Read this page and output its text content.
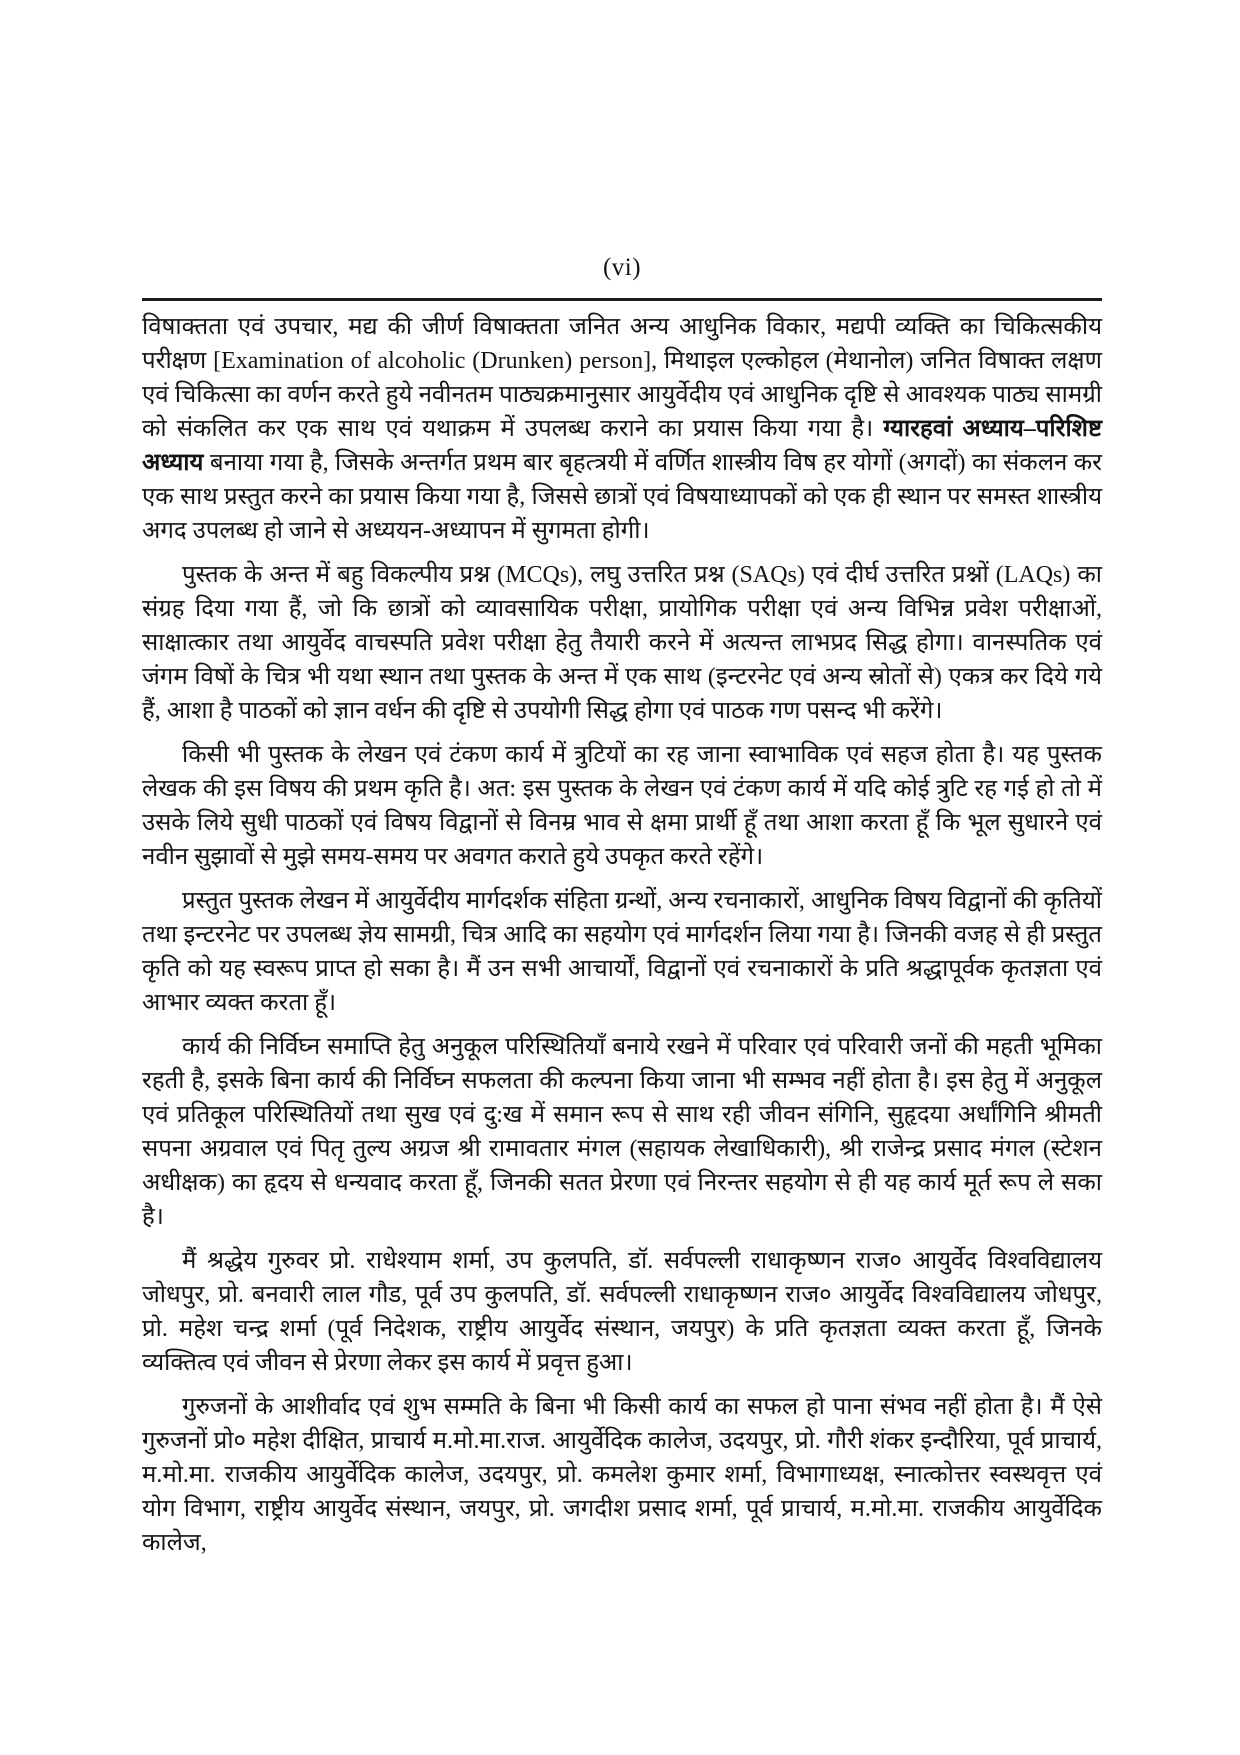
(vi)

विषाक्तता एवं उपचार, मद्य की जीर्ण विषाक्तता जनित अन्य आधुनिक विकार, मद्यपी व्यक्ति का चिकित्सकीय परीक्षण [Examination of alcoholic (Drunken) person], मिथाइल एल्कोहल (मेथानोल) जनित विषाक्त लक्षण एवं चिकित्सा का वर्णन करते हुये नवीनतम पाठ्यक्रमानुसार आयुर्वेदीय एवं आधुनिक दृष्टि से आवश्यक पाठ्य सामग्री को संकलित कर एक साथ एवं यथाक्रम में उपलब्ध कराने का प्रयास किया गया है। ग्यारहवां अध्याय–परिशिष्ट अध्याय बनाया गया है, जिसके अन्तर्गत प्रथम बार बृहत्त्रयी में वर्णित शास्त्रीय विष हर योगों (अगदों) का संकलन कर एक साथ प्रस्तुत करने का प्रयास किया गया है, जिससे छात्रों एवं विषयाध्यापकों को एक ही स्थान पर समस्त शास्त्रीय अगद उपलब्ध हो जाने से अध्ययन-अध्यापन में सुगमता होगी।

पुस्तक के अन्त में बहु विकल्पीय प्रश्न (MCQs), लघु उत्तरित प्रश्न (SAQs) एवं दीर्घ उत्तरित प्रश्नों (LAQs) का संग्रह दिया गया हैं, जो कि छात्रों को व्यावसायिक परीक्षा, प्रायोगिक परीक्षा एवं अन्य विभिन्न प्रवेश परीक्षाओं, साक्षात्कार तथा आयुर्वेद वाचस्पति प्रवेश परीक्षा हेतु तैयारी करने में अत्यन्त लाभप्रद सिद्ध होगा। वानस्पतिक एवं जंगम विषों के चित्र भी यथा स्थान तथा पुस्तक के अन्त में एक साथ (इन्टरनेट एवं अन्य स्रोतों से) एकत्र कर दिये गये हैं, आशा है पाठकों को ज्ञान वर्धन की दृष्टि से उपयोगी सिद्ध होगा एवं पाठक गण पसन्द भी करेंगे।

किसी भी पुस्तक के लेखन एवं टंकण कार्य में त्रुटियों का रह जाना स्वाभाविक एवं सहज होता है। यह पुस्तक लेखक की इस विषय की प्रथम कृति है। अत: इस पुस्तक के लेखन एवं टंकण कार्य में यदि कोई त्रुटि रह गई हो तो में उसके लिये सुधी पाठकों एवं विषय विद्वानों से विनम्र भाव से क्षमा प्रार्थी हूँ तथा आशा करता हूँ कि भूल सुधारने एवं नवीन सुझावों से मुझे समय-समय पर अवगत कराते हुये उपकृत करते रहेंगे।

प्रस्तुत पुस्तक लेखन में आयुर्वेदीय मार्गदर्शक संहिता ग्रन्थों, अन्य रचनाकारों, आधुनिक विषय विद्वानों की कृतियों तथा इन्टरनेट पर उपलब्ध ज्ञेय सामग्री, चित्र आदि का सहयोग एवं मार्गदर्शन लिया गया है। जिनकी वजह से ही प्रस्तुत कृति को यह स्वरूप प्राप्त हो सका है। मैं उन सभी आचार्यों, विद्वानों एवं रचनाकारों के प्रति श्रद्धापूर्वक कृतज्ञता एवं आभार व्यक्त करता हूँ।

कार्य की निर्विघ्न समाप्ति हेतु अनुकूल परिस्थितियाँ बनाये रखने में परिवार एवं परिवारी जनों की महती भूमिका रहती है, इसके बिना कार्य की निर्विघ्न सफलता की कल्पना किया जाना भी सम्भव नहीं होता है। इस हेतु में अनुकूल एवं प्रतिकूल परिस्थितियों तथा सुख एवं दु:ख में समान रूप से साथ रही जीवन संगिनि, सुहृदया अर्धांगिनि श्रीमती सपना अग्रवाल एवं पितृ तुल्य अग्रज श्री रामावतार मंगल (सहायक लेखाधिकारी), श्री राजेन्द्र प्रसाद मंगल (स्टेशन अधीक्षक) का हृदय से धन्यवाद करता हूँ, जिनकी सतत प्रेरणा एवं निरन्तर सहयोग से ही यह कार्य मूर्त रूप ले सका है।

मैं श्रद्धेय गुरुवर प्रो. राधेश्याम शर्मा, उप कुलपति, डॉ. सर्वपल्ली राधाकृष्णन राज० आयुर्वेद विश्वविद्यालय जोधपुर, प्रो. बनवारी लाल गौड, पूर्व उप कुलपति, डॉ. सर्वपल्ली राधाकृष्णन राज० आयुर्वेद विश्वविद्यालय जोधपुर, प्रो. महेश चन्द्र शर्मा (पूर्व निदेशक, राष्ट्रीय आयुर्वेद संस्थान, जयपुर) के प्रति कृतज्ञता व्यक्त करता हूँ, जिनके व्यक्तित्व एवं जीवन से प्रेरणा लेकर इस कार्य में प्रवृत्त हुआ।

गुरुजनों के आशीर्वाद एवं शुभ सम्मति के बिना भी किसी कार्य का सफल हो पाना संभव नहीं होता है। मैं ऐसे गुरुजनों प्रो० महेश दीक्षित, प्राचार्य म.मो.मा.राज. आयुर्वेदिक कालेज, उदयपुर, प्रो. गौरी शंकर इन्दौरिया, पूर्व प्राचार्य, म.मो.मा. राजकीय आयुर्वेदिक कालेज, उदयपुर, प्रो. कमलेश कुमार शर्मा, विभागाध्यक्ष, स्नात्कोत्तर स्वस्थवृत्त एवं योग विभाग, राष्ट्रीय आयुर्वेद संस्थान, जयपुर, प्रो. जगदीश प्रसाद शर्मा, पूर्व प्राचार्य, म.मो.मा. राजकीय आयुर्वेदिक कालेज,
